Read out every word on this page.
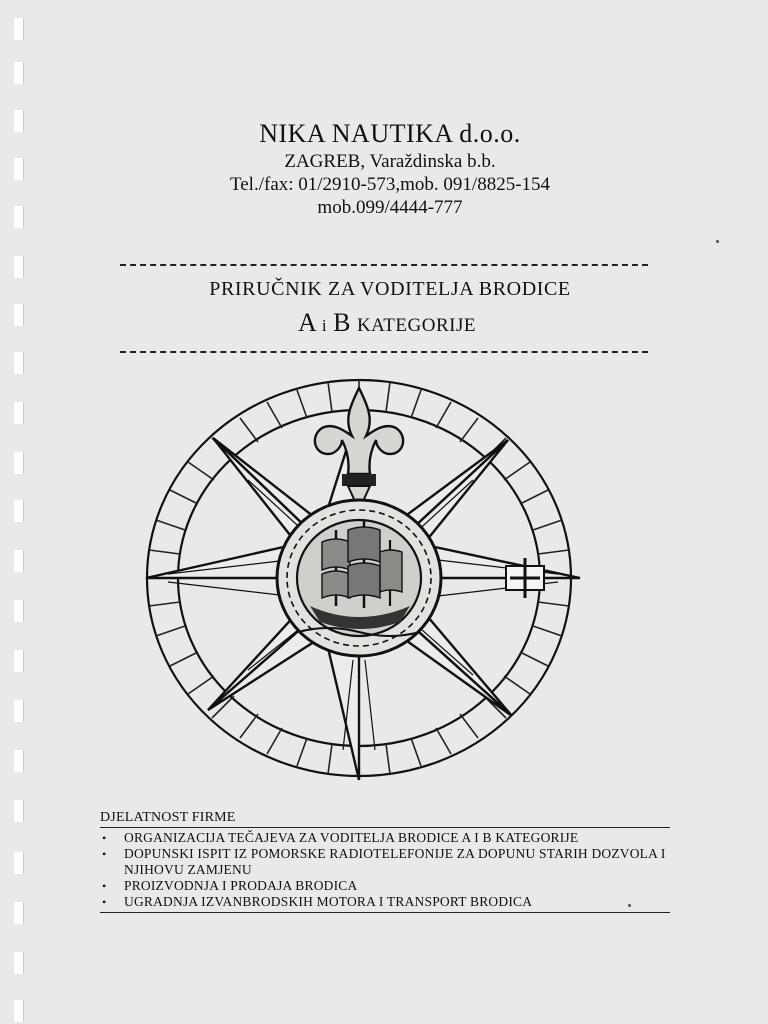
NIKA NAUTIKA d.o.o.
ZAGREB, Varaždinska b.b.
Tel./fax: 01/2910-573,mob. 091/8825-154
mob.099/4444-777
PRIRUČNIK ZA VODITELJA BRODICE
A i B KATEGORIJE
DJELATNOST FIRME
• ORGANIZACIJA TEČAJEVA ZA VODITELJA BRODICE A I B KATEGORIJE
• DOPUNSKI ISPIT IZ POMORSKE RADIOTELEFONIJE ZA DOPUNU STARIH DOZVOLA I NJIHOVU ZAMJENU
• PROIZVODNJA I PRODAJA BRODICA
• UGRADNJA IZVANBRODSKIH MOTORA I TRANSPORT BRODICA
